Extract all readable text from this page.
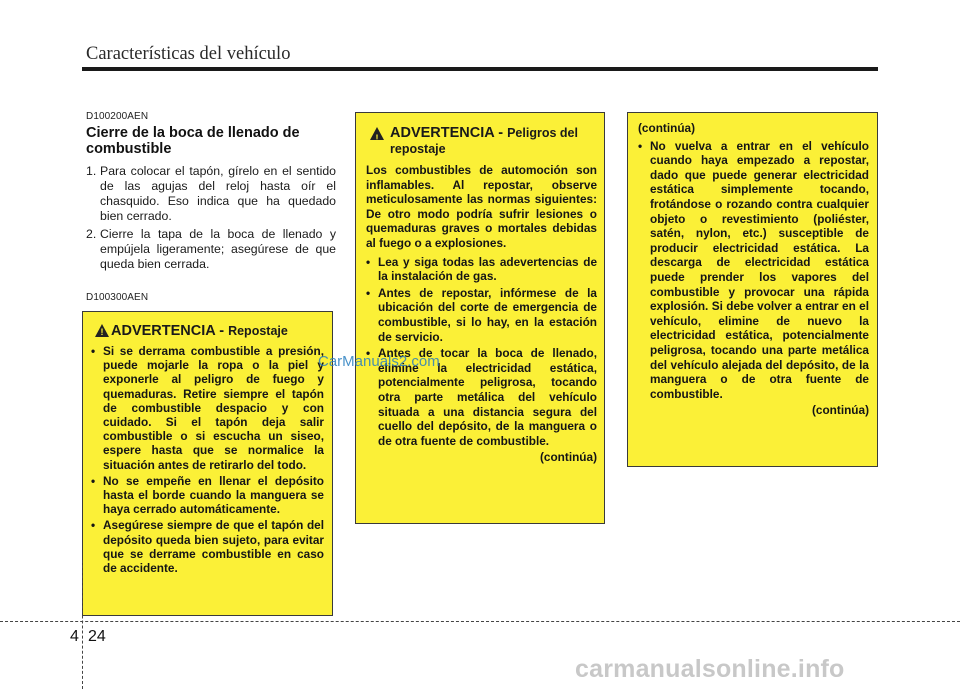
Características del vehículo
D100200AEN
Cierre de la boca de llenado de combustible
1. Para colocar el tapón, gírelo en el sentido de las agujas del reloj hasta oír el chasquido. Eso indica que ha quedado bien cerrado.
2. Cierre la tapa de la boca de llenado y empújela ligeramente; asegúrese de que queda bien cerrada.
D100300AEN
! ADVERTENCIA - Repostaje

• Si se derrama combustible a presión, puede mojarle la ropa o la piel y exponerle al peligro de fuego y quemaduras. Retire siempre el tapón de combustible despacio y con cuidado. Si el tapón deja salir combustible o si escucha un siseo, espere hasta que se normalice la situación antes de retirarlo del todo.

• No se empeñe en llenar el depósito hasta el borde cuando la manguera se haya cerrado automáticamente.

• Asegúrese siempre de que el tapón del depósito queda bien sujeto, para evitar que se derrame combustible en caso de accidente.

! ADVERTENCIA - Peligros del repostaje

Los combustibles de automoción son inflamables. Al repostar, observe meticulosamente las normas siguientes: De otro modo podría sufrir lesiones o quemaduras graves o mortales debidas al fuego o a explosiones.

• Lea y siga todas las adevertencias de la instalación de gas.

• Antes de repostar, infórmese de la ubicación del corte de emergencia de combustible, si lo hay, en la estación de servicio.

• Antes de tocar la boca de llenado, elimine la electricidad estática, potencialmente peligrosa, tocando otra parte metálica del vehículo situada a una distancia segura del cuello del depósito, de la manguera o de otra fuente de combustible.

(continúa)

(continúa)

• No vuelva a entrar en el vehículo cuando haya empezado a repostar, dado que puede generar electricidad estática simplemente tocando, frotándose o rozando contra cualquier objeto o revestimiento (poliéster, satén, nylon, etc.) susceptible de producir electricidad estática. La descarga de electricidad estática puede prender los vapores del combustible y provocar una rápida explosión. Si debe volver a entrar en el vehículo, elimine de nuevo la electricidad estática, potencialmente peligrosa, tocando una parte metálica del vehículo alejada del depósito, de la manguera o de otra fuente de combustible.

(continúa)
CarManuals2.com
4 24
carmanualsonline.info
